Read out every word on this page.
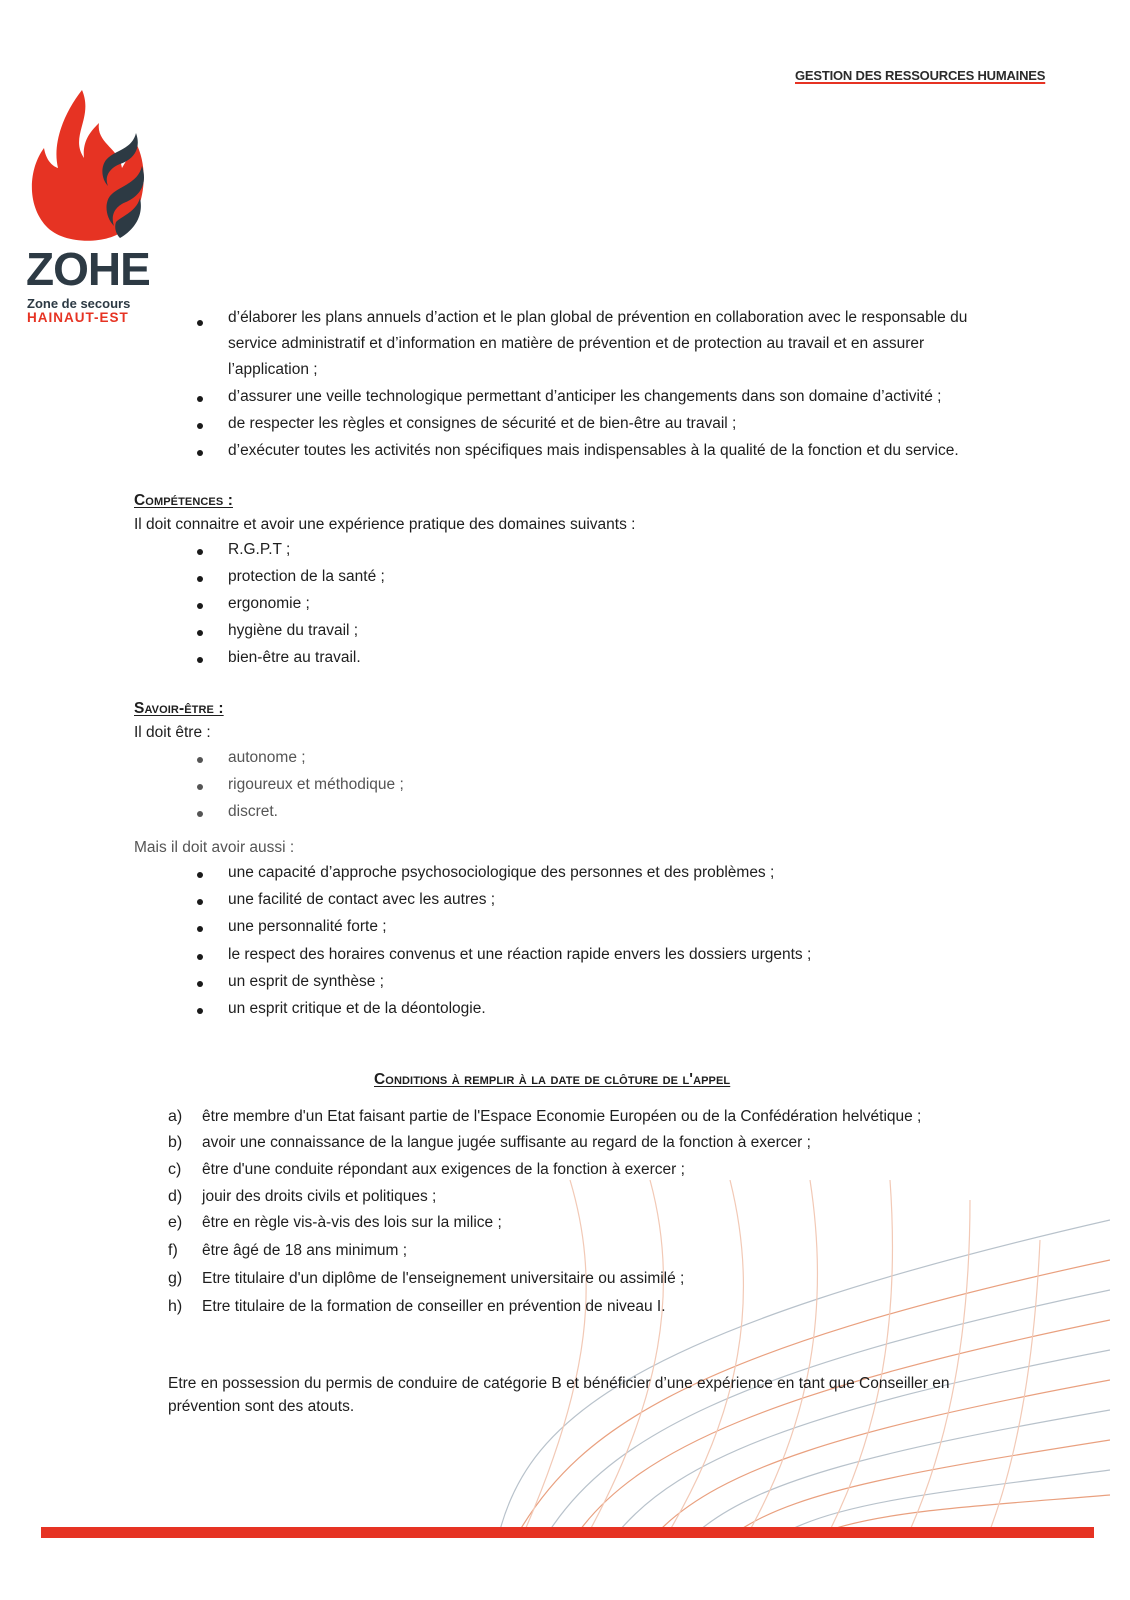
GESTION DES RESSOURCES HUMAINES
ZOHE
Zone de secours
HAINAUT-EST	d’élaborer les plans annuels d’action et le plan global de prévention en collaboration avec le responsable du
service administratif et d’information en matière de prévention et de protection au travail et en assurer
l’application ;
d’assurer une veille technologique permettant d’anticiper les changements dans son domaine d’activité ;
de respecter les règles et consignes de sécurité et de bien-être au travail ;
d’exécuter toutes les activités non spécifiques mais indispensables à la qualité de la fonction et du service.
Compétences :
Il doit connaitre et avoir une expérience pratique des domaines suivants :
R.G.P.T ;
protection de la santé ;
ergonomie ;
hygiène du travail ;
bien-être au travail.
Savoir-être :
Il doit être :
autonome ;
rigoureux et méthodique ;
discret.
Mais il doit avoir aussi :
une capacité d’approche psychosociologique des personnes et des problèmes ;
une facilité de contact avec les autres ;
une personnalité forte ;
le respect des horaires convenus et une réaction rapide envers les dossiers urgents ;
un esprit de synthèse ;
un esprit critique et de la déontologie.
Conditions à remplir à la date de clôture de l'appel
a) être membre d'un Etat faisant partie de l'Espace Economie Européen ou de la Confédération helvétique ;
b) avoir une connaissance de la langue jugée suffisante au regard de la fonction à exercer ;
c) être d'une conduite répondant aux exigences de la fonction à exercer ;
d) jouir des droits civils et politiques ;
e) être en règle vis-à-vis des lois sur la milice ;
f) être âgé de 18 ans minimum ;
g) Etre titulaire d'un diplôme de l'enseignement universitaire ou assimilé ;
h) Etre titulaire de la formation de conseiller en prévention de niveau I.
Etre en possession du permis de conduire de catégorie B et bénéficier d’une expérience en tant que Conseiller en
prévention sont des atouts.
